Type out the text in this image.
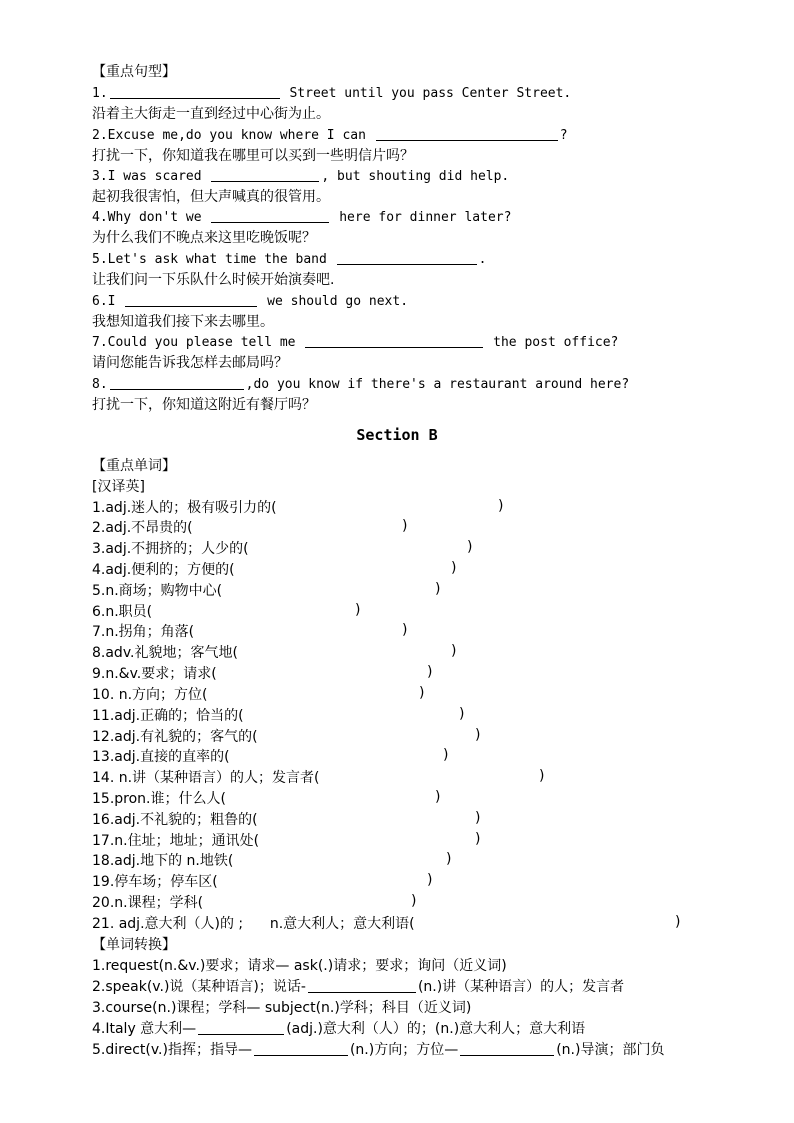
【重点句型】
1.	Street until you pass Center Street.
沿着主大街走一直到经过中心街为止。
2.Excuse me,do you know where I can	?
打扰一下，你知道我在哪里可以买到一些明信片吗？
3.I was scared	, but shouting did help.
起初我很害怕，但大声喊真的很管用。
4.Why don't we	here for dinner later?
为什么我们不晚点来这里吃晚饭呢？
5.Let's ask what time the band	.
让我们问一下乐队什么时候开始演奏吧.
6.I	we should go next.
我想知道我们接下来去哪里。
7.Could you please tell me	the post office?
请问您能告诉我怎样去邮局吗？
8.	,do you know if there's a restaurant around here?
打扰一下，你知道这附近有餐厅吗？
Section B
【重点单词】
[汉译英]
1.adj.迷人的；极有吸引力的(	)
2.adj.不昂贵的(	)
3.adj.不拥挤的；人少的(	)
4.adj.便利的；方便的(	)
5.n.商场；购物中心(	)
6.n.职员(	)
7.n.拐角；角落(	)
8.adv.礼貌地；客气地(	)
9.n.&v.要求；请求(	)
10. n.方向；方位(	)
11.adj.正确的；恰当的(	)
12.adj.有礼貌的；客气的(	)
13.adj.直接的直率的(	)
14. n.讲（某种语言）的人；发言者(	)
15.pron.谁；什么人(	)
16.adj.不礼貌的；粗鲁的(	)
17.n.住址；地址；通讯处(	)
18.adj.地下的 n.地铁(	)
19.停车场；停车区(	)
20.n.课程；学科(	)
21. adj.意大利（人)的 ;      n.意大利人；意大利语(	)
【单词转换】
1.request(n.&v.)要求；请求— ask(.)请求；要求；询问（近义词)
2.speak(v.)说（某种语言)；说话-	(n.)讲（某种语言）的人；发言者
3.course(n.)课程；学科— subject(n.)学科；科目（近义词)
4.Italy 意大利—	(adj.)意大利（人）的；(n.)意大利人；意大利语
5.direct(v.)指挥；指导—	(n.)方向；方位—	(n.)导演；部门负
